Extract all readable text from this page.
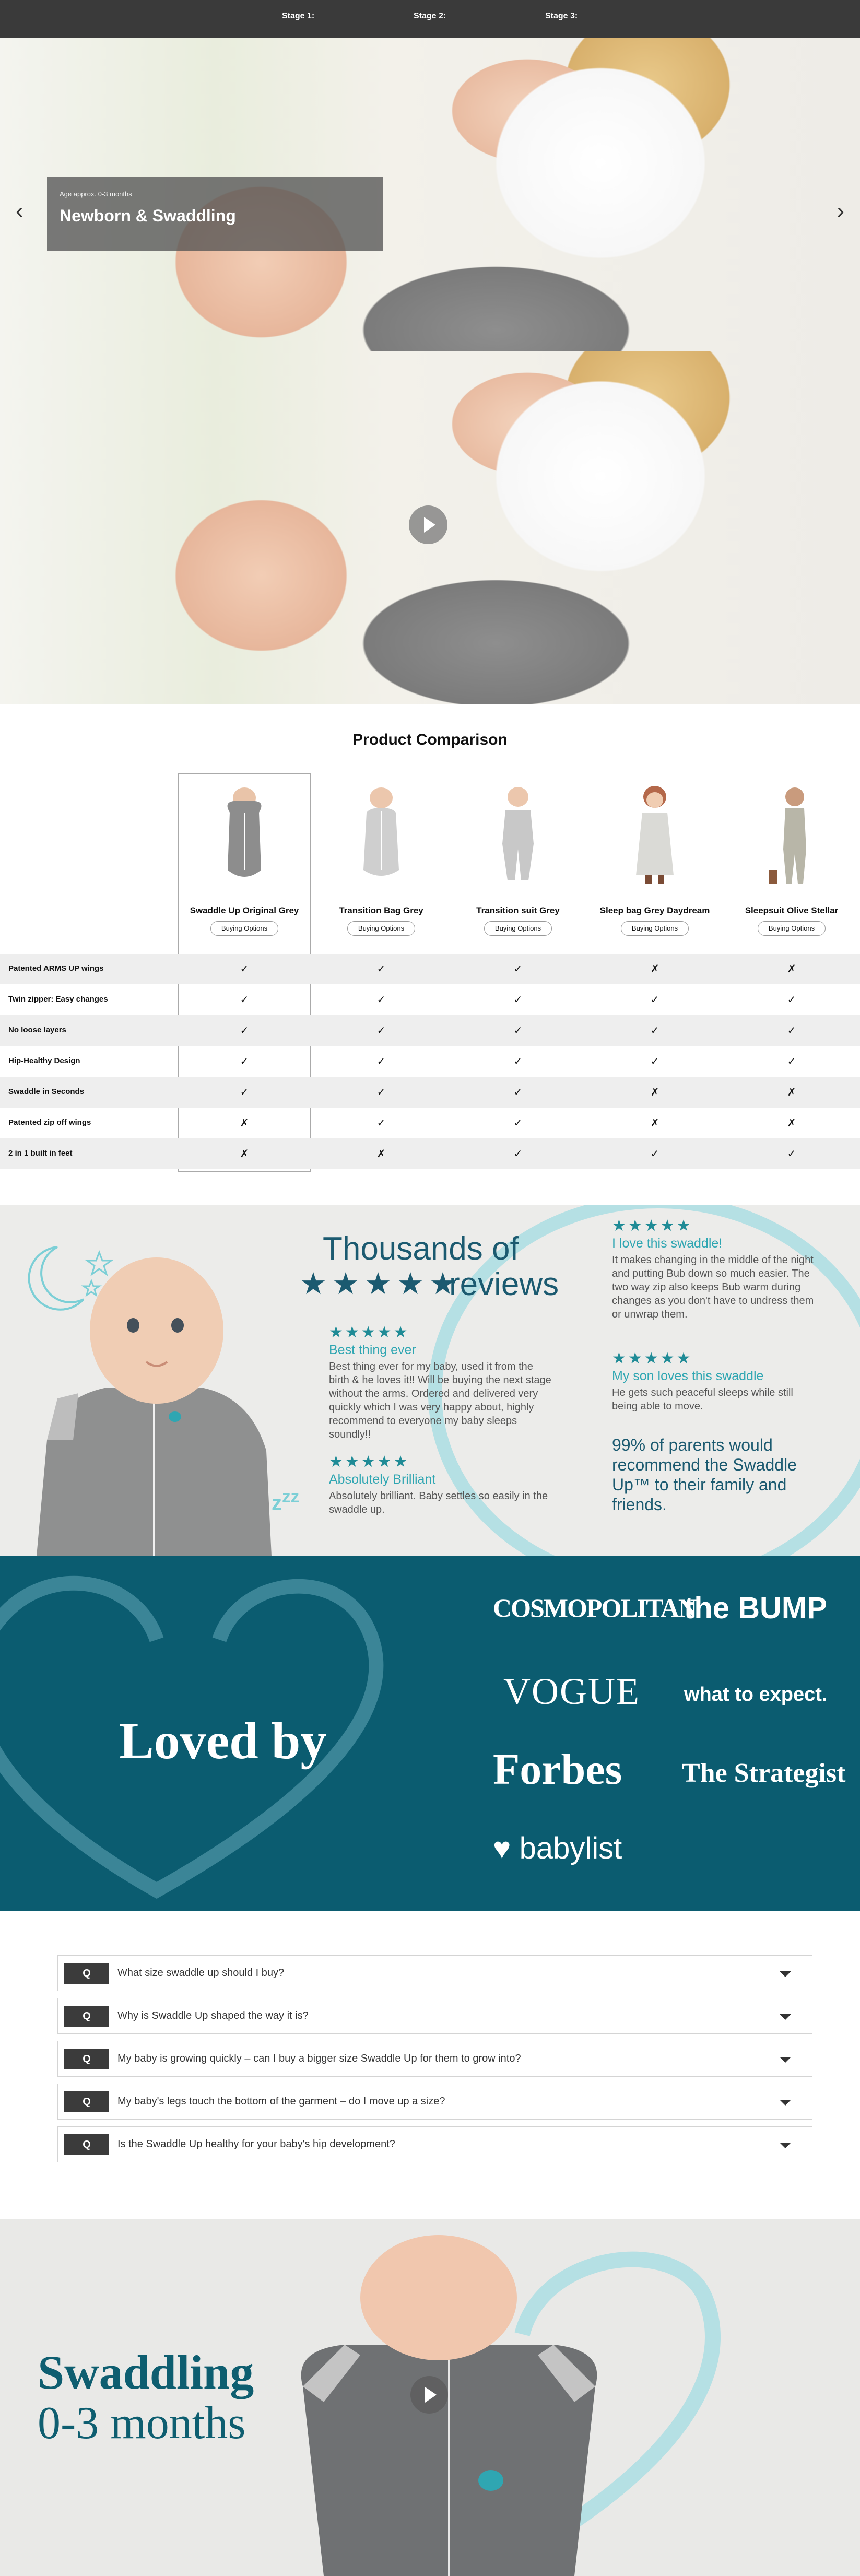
Stage 1:	Stage 2:	Stage 3:
‹	›
Age approx. 0-3 months
Newborn & Swaddling
Product Comparison
Swaddle Up Original Grey
Buying Options
Transition Bag Grey
Buying Options
Transition suit Grey
Buying Options
Sleep bag Grey Daydream
Buying Options
Sleepsuit Olive Stellar
Buying Options
Patented ARMS UP wings	✓	✓	✓	✗	✗
Twin zipper: Easy changes	✓	✓	✓	✓	✓
No loose layers	✓	✓	✓	✓	✓
Hip-Healthy Design	✓	✓	✓	✓	✓
Swaddle in Seconds	✓	✓	✓	✗	✗
Patented zip off wings	✗	✓	✓	✗	✗
2 in 1 built in feet	✗	✗	✓	✓	✓
$z^{zz}$
Thousands of
★★★★★
reviews
★★★★★
Best thing ever
Best thing ever for my baby, used it from the birth & he loves it!! Will be buying the next stage without the arms. Ordered and delivered very quickly which I was very happy about, highly recommend to everyone my baby sleeps soundly!!
★★★★★
Absolutely Brilliant
Absolutely brilliant. Baby settles so easily in the swaddle up.
★★★★★
I love this swaddle!
It makes changing in the middle of the night and putting Bub down so much easier. The two way zip also keeps Bub warm during changes as you don't have to undress them or unwrap them.
★★★★★
My son loves this swaddle
He gets such peaceful sleeps while still being able to move.
99% of parents would recommend the Swaddle Up™ to their family and friends.
Loved by
COSMOPOLITAN
the BUMP
VOGUE what to expect.
Forbes The Strategist
♥ babylist
Q	What size swaddle up should I buy?
Q	Why is Swaddle Up shaped the way it is?
Q	My baby is growing quickly – can I buy a bigger size Swaddle Up for them to grow into?
Q	My baby's legs touch the bottom of the garment – do I move up a size?
Q	Is the Swaddle Up healthy for your baby's hip development?
Swaddling
0-3 months
